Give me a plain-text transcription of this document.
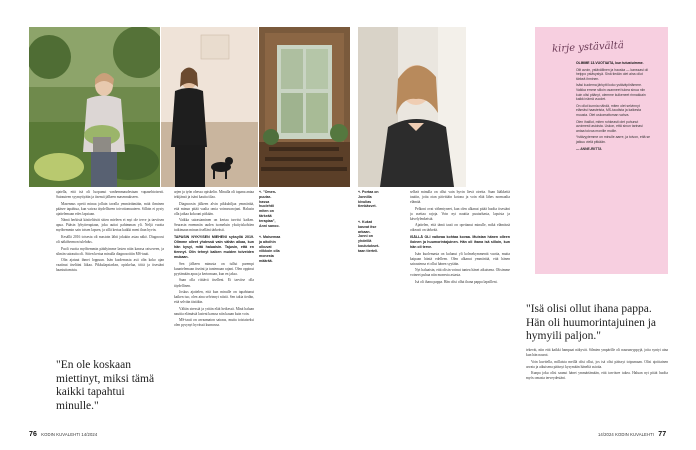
↖ "Omen-
puutar-
hassa
huolehtii
miten on
tärkeää
terapiaa",
Anni sanoo.
↖ Maisemaa
ja aitoihin
olkuvat
viikkoin olla
monesta
määrää.
↖ Portaa on
Jonnilla
kivulias
tienkäsvet.
↖ Kukat
kasvat itse
arkaan.
Jonni on
yhdeillä
koulutukset-
taan tierteli.

ajatella, että isä oli luopunut vanhemmaudestaan vapaaehtoisesti. Sairauteen syymyttyään ja itsensä jälkeen masennukseen.

Masennus opetti minua jollain tavalla ymmärtämään, mitä ihminen pääsee tapahtua, kun vaivaa täydelliseen toivottomuuteen. Silloin ei pysty ajattelemaan edes lapsiaan.

Nämä herkistä käsiteltävät sitten mieleen ei myi ole terve ja tarvitsen apua. Pääsin lyhytterapiaan, joka auttoi pahimman yli. Neljä vuotta myöhemmin sain toisen lapsen, ja sillä kertaa kaikki meni ihan hyvin.

Kesällä 2016 toisesta oli mastoin lähti jokakin asiaa näkö. Diagnoosi oli näköhermon tulehdus.

Puoli vuotta myöhemmin päädyimme lasten näin kanssa ratsoveen, ja silmän sairautta oli. Sitten kertaa minulla diagnosoitiin MS-tauti.

Olin ajatuut ihmei loppuun. Isän kuolemasta asti olin koko ajan vaatinut itseltäni liikaa. Pikkulapsiarkea, opiskelua, töitä ja itsestäni haastuttamista.

"En ole koskaan miettinyt, miksi tämä kaikki tapahtui minulle."

arjen ja työn ohessa opiskelin. Minulla oli tapana antaa tekijänsä ja isäni kautta tilaa.

Diagnoosin jälkeen alvin pikkuhiljaa ymmärtää, että minun pitää vaalia omia voimavarojani. Halusin olla jatkaa kokoani pitkään.

Vaikka sairastaminen on kertaa tarvitsi kaiken. Seurasin enemmän uuden isomeluin yksityiskohtien tutkimaan minun itselläni tärkeästi.

TAPASIN NYKYISEN MIEHENI syksyllä 2019. Olimme olleet yhdessä vain vähän aikaa, kun hän kysyi, mitä haluaisin. Tajusin, että en tiennyt. Olin tehnyt kaiken muiden toiveiden mukaan.

Sen jälkeen minusta on tullut parempi kuuntelemaan itseäni ja tuntemaan rajani. Olen oppinut pyytämään apua ja kertomaan, kun en jaksa.

Saan olla riittävä itselleni. Ei tarvitse olla täydellinen.

Joskus ajattelen, että kun minulle on tapahtunut kaiken tuo, olen aina selvinnyt niistä. Sen takia tiedän, että selviän tästäkin.

Vältän stressiä ja yritän elää hetkessä. Minä haluan nauttia elämästä lasteni kanssa niin kauan kuin voin.

MS-tauti on arvaamaton sairaus, mutta toistaiseksi olen pysynyt hyvässä kunnossa.

selkeä minulla on ollut vain hyvin lievä oireita. Saan lääkkeitä tautiin, joita otan päivittäin kotona ja voin elää lähes normaalia elämää.

Pelkoni ovat vähentyneet, kun olen alkanut pitää huolta itsestäni ja asettaa rajoja. Voin nyt nauttia puutarhasta, lapsista ja kävelylenkeistä.

Ajattelen, että tämä tauti on opettanut minulle, mikä elämässä oikeasti on tärkeää.

ISÄLLÄ OLI vaikeaa kohtaa kovaa. Muistan hänen olleen iloinen ja huumorintajuinen. Hän oli ihana isä silloin, kun hän oli terve.

Isän kuolemasta on kulunut yli kolmekymmentä vuotta, mutta kaipaan häntä edelleen. Olen alkanut ymmärtää, että hänen sairautensa ei ollut hänen syytään.

Nyt haluaisin, että olisin voinut tuntea hänet aikuisena. Olisimme voineet puhua niin monesta asiasta.

Isä oli ihana pappa. Hän olisi ollut ihana pappa lapsilleni.

"Isä olisi ollut ihana pappa. Hän oli huumorintajuinen ja hymyili paljon."

tekevät, niin että kaikki hampaat näkyvät. Silmien ympärille oli naurunryppyjä, joita syntyi aina kun hän nauroi.

Voin kuvitella, millaista meillä olisi ollut, jos isä olisi päässyt toipumaan. Olisi ajoittainen arvata ja aikuisena päässyt kysymään häneltä asioita.

Kunpa joku olisi saanut hänet ymmärtämään, että tarvitsee tukea. Haluan nyt pitää huolta myös omasta terveydestäni.

kirje ystävältä

OLIMME 13-VUOTIAITA, kun tutustuimme.

Olit avoin, ystävällinen ja hauska — kanssasi oli helppo ystävystyä. Sinä tiedän olet aina ollut tärkeä ihminen.

Isäsi kuolema järkytti koko ystäväpiiriämme. Vaikka emme silloin osanneet tukea sinua niin kuin olisi pitänyt, olemme kulkeneet rinnakkain kaikki nämä vuodet.

On ollut kunnia nähdä, miten olet selvinnyt elämäsi haasteista, MS-taudista ja kaikesta muusta. Olet uskomattoman vahva.

Olen ihaillut, miten rohkeasti olet puhunut avoimesti asioista. Uskon, että sinun tarinasi antaa toivoa monille muille.

Ystävyytemme on minulle aarre, ja toivon, että se jatkuu vielä pitkään.

— ANNE-RIITTA
76 KODIN KUVALEHTI 14/2024	14/2024 KODIN KUVALEHTI 77
